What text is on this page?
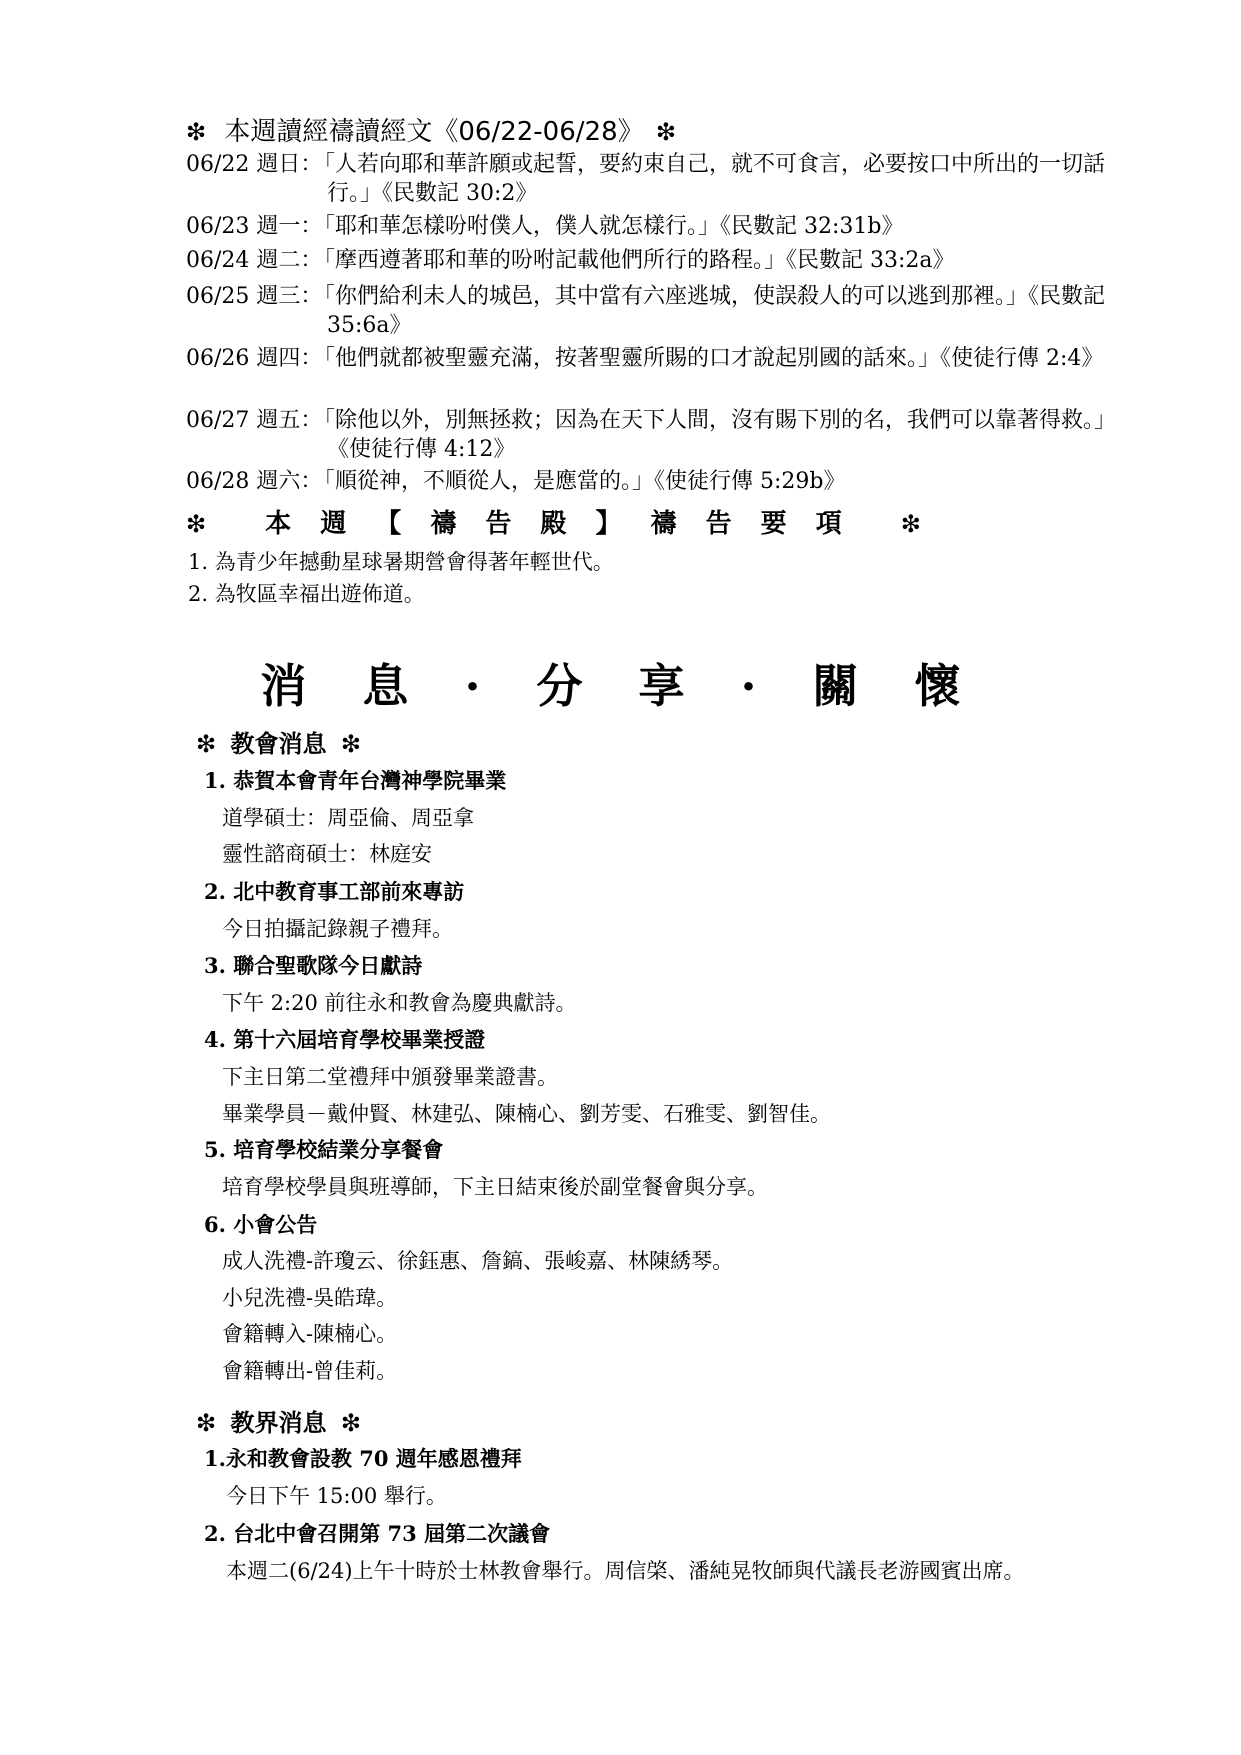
❇ 本週讀經禱讀經文《06/22-06/28》 ❇
06/22 週日：
「人若向耶和華許願或起誓，要約束自己，就不可食言，必要按口中所出的一切話行。」《民數記 30:2》
06/23 週一：
「耶和華怎樣吩咐僕人，僕人就怎樣行。」《民數記 32:31b》
06/24 週二：
「摩西遵著耶和華的吩咐記載他們所行的路程。」《民數記 33:2a》
06/25 週三：
「你們給利未人的城邑，其中當有六座逃城，使誤殺人的可以逃到那裡。」《民數記 35:6a》
06/26 週四：
「他們就都被聖靈充滿，按著聖靈所賜的口才說起別國的話來。」《使徒行傳 2:4》
06/27 週五：
「除他以外，別無拯救；因為在天下人間，沒有賜下別的名，我們可以靠著得救。」《使徒行傳 4:12》
06/28 週六：
「順從神，不順從人，是應當的。」《使徒行傳 5:29b》
❇ 本 週 【 禱 告 殿 】 禱 告 要 項 ❇
1. 為青少年撼動星球暑期營會得著年輕世代。
2. 為牧區幸福出遊佈道。
消 息 · 分 享 · 關 懷
❇ 教會消息 ❇
1. 恭賀本會青年台灣神學院畢業
道學碩士：周亞倫、周亞拿
靈性諮商碩士：林庭安
2. 北中教育事工部前來專訪
今日拍攝記錄親子禮拜。
3. 聯合聖歌隊今日獻詩
下午 2:20 前往永和教會為慶典獻詩。
4. 第十六屆培育學校畢業授證
下主日第二堂禮拜中頒發畢業證書。
畢業學員－戴仲賢、林建弘、陳楠心、劉芳雯、石雅雯、劉智佳。
5. 培育學校結業分享餐會
培育學校學員與班導師，下主日結束後於副堂餐會與分享。
6. 小會公告
成人洗禮-許瓊云、徐鈺惠、詹鎬、張峻嘉、林陳綉琴。
小兒洗禮-吳皓瑋。
會籍轉入-陳楠心。
會籍轉出-曾佳莉。
❇ 教界消息 ❇
1.永和教會設教 70 週年感恩禮拜
今日下午 15:00 舉行。
2. 台北中會召開第 73 屆第二次議會
本週二(6/24)上午十時於士林教會舉行。周信棨、潘純晃牧師與代議長老游國賓出席。
